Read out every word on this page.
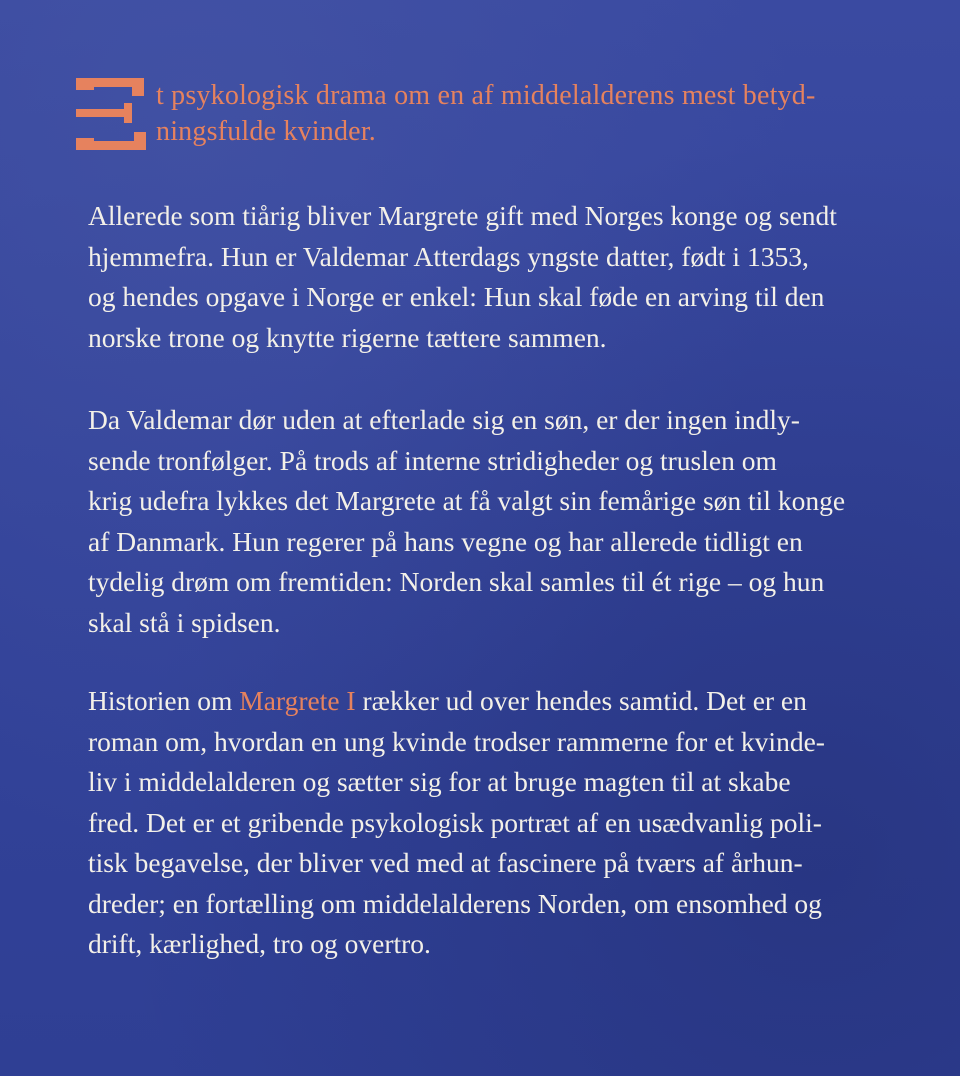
t psykologisk drama om en af middelalderens mest betyd-
ningsfulde kvinder.
Allerede som tiårig bliver Margrete gift med Norges konge og sendt
hjemmefra. Hun er Valdemar Atterdags yngste datter, født i 1353,
og hendes opgave i Norge er enkel: Hun skal føde en arving til den
norske trone og knytte rigerne tættere sammen.
Da Valdemar dør uden at efterlade sig en søn, er der ingen indly-
sende tronfølger. På trods af interne stridigheder og truslen om
krig udefra lykkes det Margrete at få valgt sin femårige søn til konge
af Danmark. Hun regerer på hans vegne og har allerede tidligt en
tydelig drøm om fremtiden: Norden skal samles til ét rige – og hun
skal stå i spidsen.
Historien om Margrete I rækker ud over hendes samtid. Det er en
roman om, hvordan en ung kvinde trodser rammerne for et kvinde-
liv i middelalderen og sætter sig for at bruge magten til at skabe
fred. Det er et gribende psykologisk portræt af en usædvanlig poli-
tisk begavelse, der bliver ved med at fascinere på tværs af århun-
dreder; en fortælling om middelalderens Norden, om ensomhed og
drift, kærlighed, tro og overtro.
